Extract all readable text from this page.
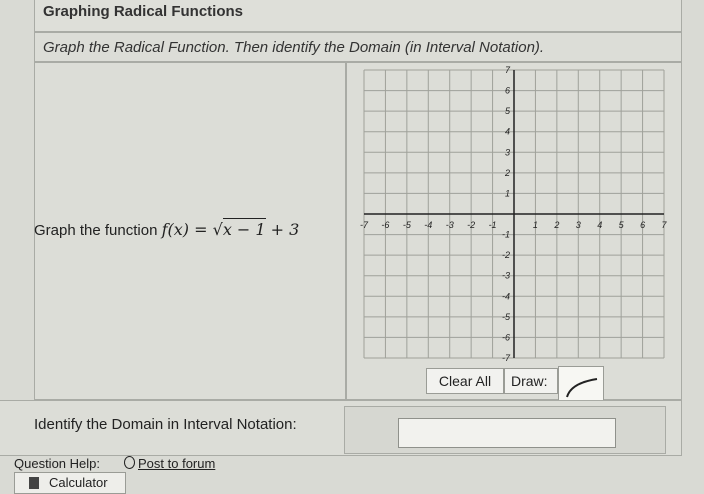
Graphing Radical Functions
Graph the Radical Function. Then identify the Domain (in Interval Notation).
Graph the function f(x) = √x − 1 + 3	-7 -6 -5 -4 -3 -2 -1	1 2 3 4 5 6 7
7
6
5
4
3
2
1
-1
-2
-3
-4
-5
-6
-7
Clear All	Draw:
Identify the Domain in Interval Notation:
Question Help:	Post to forum
Calculator
